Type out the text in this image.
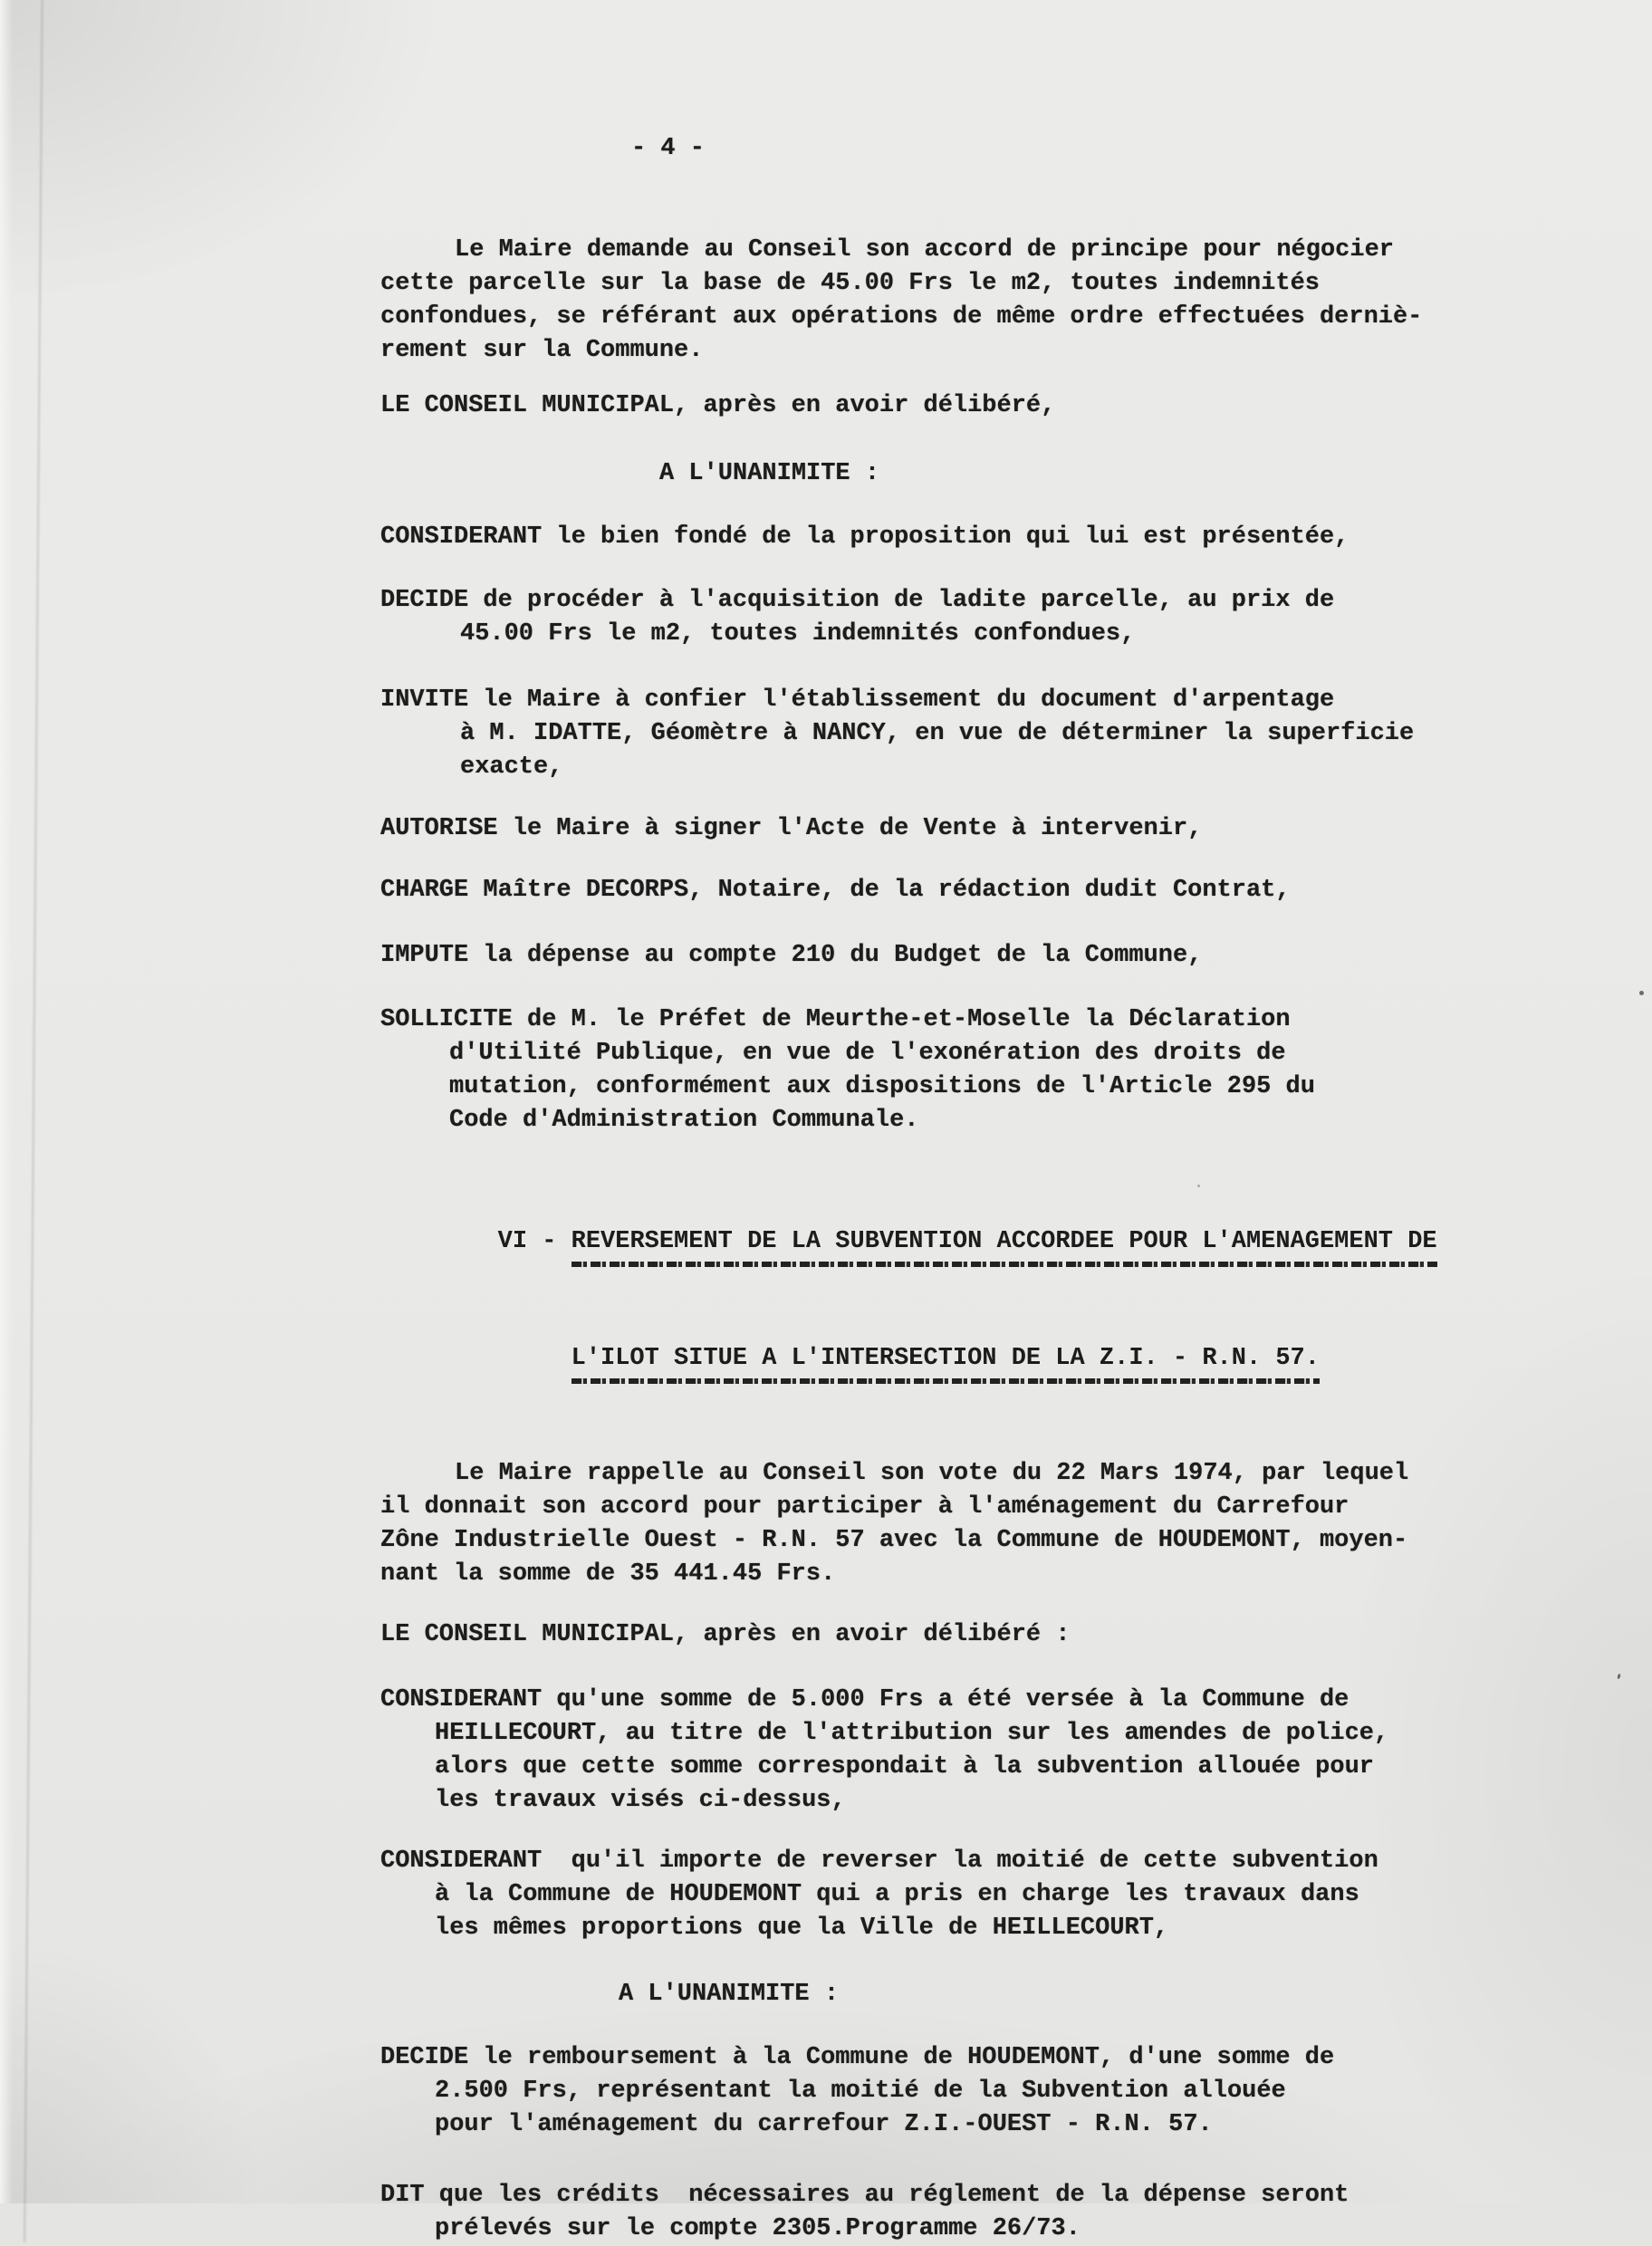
- 4 -
Le Maire demande au Conseil son accord de principe pour négocier
cette parcelle sur la base de 45.00 Frs le m2, toutes indemnités
confondues, se référant aux opérations de même ordre effectuées derniè-
rement sur la Commune.
LE CONSEIL MUNICIPAL, après en avoir délibéré,
A L'UNANIMITE :
CONSIDERANT le bien fondé de la proposition qui lui est présentée,
DECIDE de procéder à l'acquisition de ladite parcelle, au prix de
45.00 Frs le m2, toutes indemnités confondues,
INVITE le Maire à confier l'établissement du document d'arpentage
à M. IDATTE, Géomètre à NANCY, en vue de déterminer la superficie
exacte,
AUTORISE le Maire à signer l'Acte de Vente à intervenir,
CHARGE Maître DECORPS, Notaire, de la rédaction dudit Contrat,
IMPUTE la dépense au compte 210 du Budget de la Commune,
SOLLICITE de M. le Préfet de Meurthe-et-Moselle la Déclaration
d'Utilité Publique, en vue de l'exonération des droits de
mutation, conformément aux dispositions de l'Article 295 du
Code d'Administration Communale.

VI - REVERSEMENT DE LA SUBVENTION ACCORDEE POUR L'AMENAGEMENT DE

L'ILOT SITUE A L'INTERSECTION DE LA Z.I. - R.N. 57.

Le Maire rappelle au Conseil son vote du 22 Mars 1974, par lequel
il donnait son accord pour participer à l'aménagement du Carrefour
Zône Industrielle Ouest - R.N. 57 avec la Commune de HOUDEMONT, moyen-
nant la somme de 35 441.45 Frs.
LE CONSEIL MUNICIPAL, après en avoir délibéré :
CONSIDERANT qu'une somme de 5.000 Frs a été versée à la Commune de
HEILLECOURT, au titre de l'attribution sur les amendes de police,
alors que cette somme correspondait à la subvention allouée pour
les travaux visés ci-dessus,
CONSIDERANT  qu'il importe de reverser la moitié de cette subvention
à la Commune de HOUDEMONT qui a pris en charge les travaux dans
les mêmes proportions que la Ville de HEILLECOURT,
A L'UNANIMITE :
DECIDE le remboursement à la Commune de HOUDEMONT, d'une somme de
2.500 Frs, représentant la moitié de la Subvention allouée
pour l'aménagement du carrefour Z.I.-OUEST - R.N. 57.
DIT que les crédits  nécessaires au réglement de la dépense seront
prélevés sur le compte 2305.Programme 26/73.
